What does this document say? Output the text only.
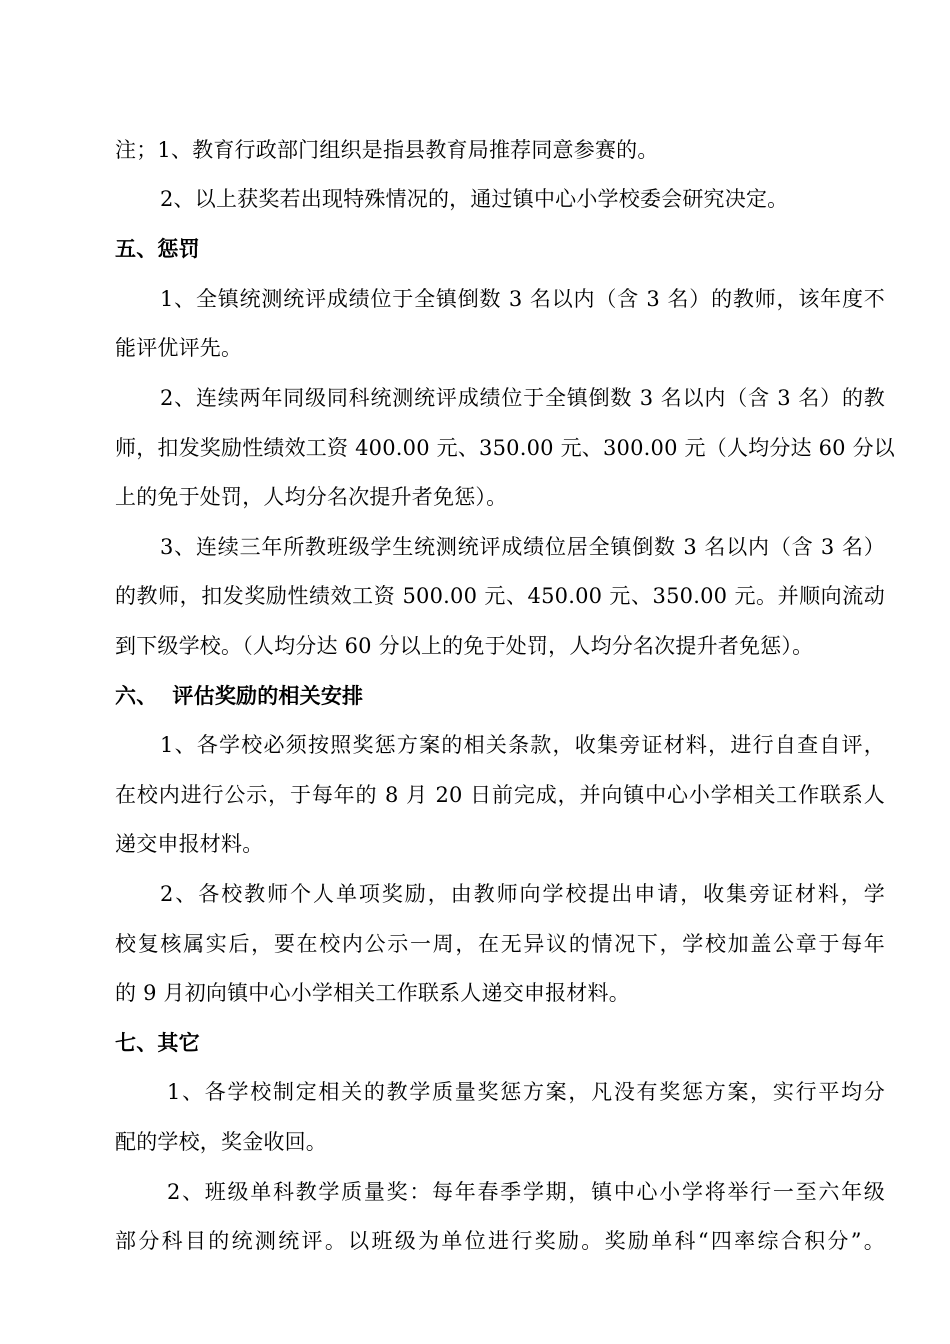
注；1、教育行政部门组织是指县教育局推荐同意参赛的。
2、以上获奖若出现特殊情况的，通过镇中心小学校委会研究决定。
五、惩罚
1、全镇统测统评成绩位于全镇倒数 3 名以内（含 3 名）的教师，该年度不
能评优评先。
2、连续两年同级同科统测统评成绩位于全镇倒数 3 名以内（含 3 名）的教
师，扣发奖励性绩效工资 400.00 元、350.00 元、300.00 元（人均分达 60 分以
上的免于处罚，人均分名次提升者免惩）。
3、连续三年所教班级学生统测统评成绩位居全镇倒数 3 名以内（含 3 名）
的教师，扣发奖励性绩效工资 500.00 元、450.00 元、350.00 元。并顺向流动
到下级学校。（人均分达 60 分以上的免于处罚，人均分名次提升者免惩）。
六、  评估奖励的相关安排
1、各学校必须按照奖惩方案的相关条款，收集旁证材料，进行自查自评，
在校内进行公示，于每年的 8 月 20 日前完成，并向镇中心小学相关工作联系人
递交申报材料。
2、各校教师个人单项奖励，由教师向学校提出申请，收集旁证材料，学
校复核属实后，要在校内公示一周，在无异议的情况下，学校加盖公章于每年
的 9 月初向镇中心小学相关工作联系人递交申报材料。
七、其它
1、各学校制定相关的教学质量奖惩方案，凡没有奖惩方案，实行平均分
配的学校，奖金收回。
2、班级单科教学质量奖：每年春季学期，镇中心小学将举行一至六年级
部分科目的统测统评。以班级为单位进行奖励。奖励单科“四率综合积分”。
